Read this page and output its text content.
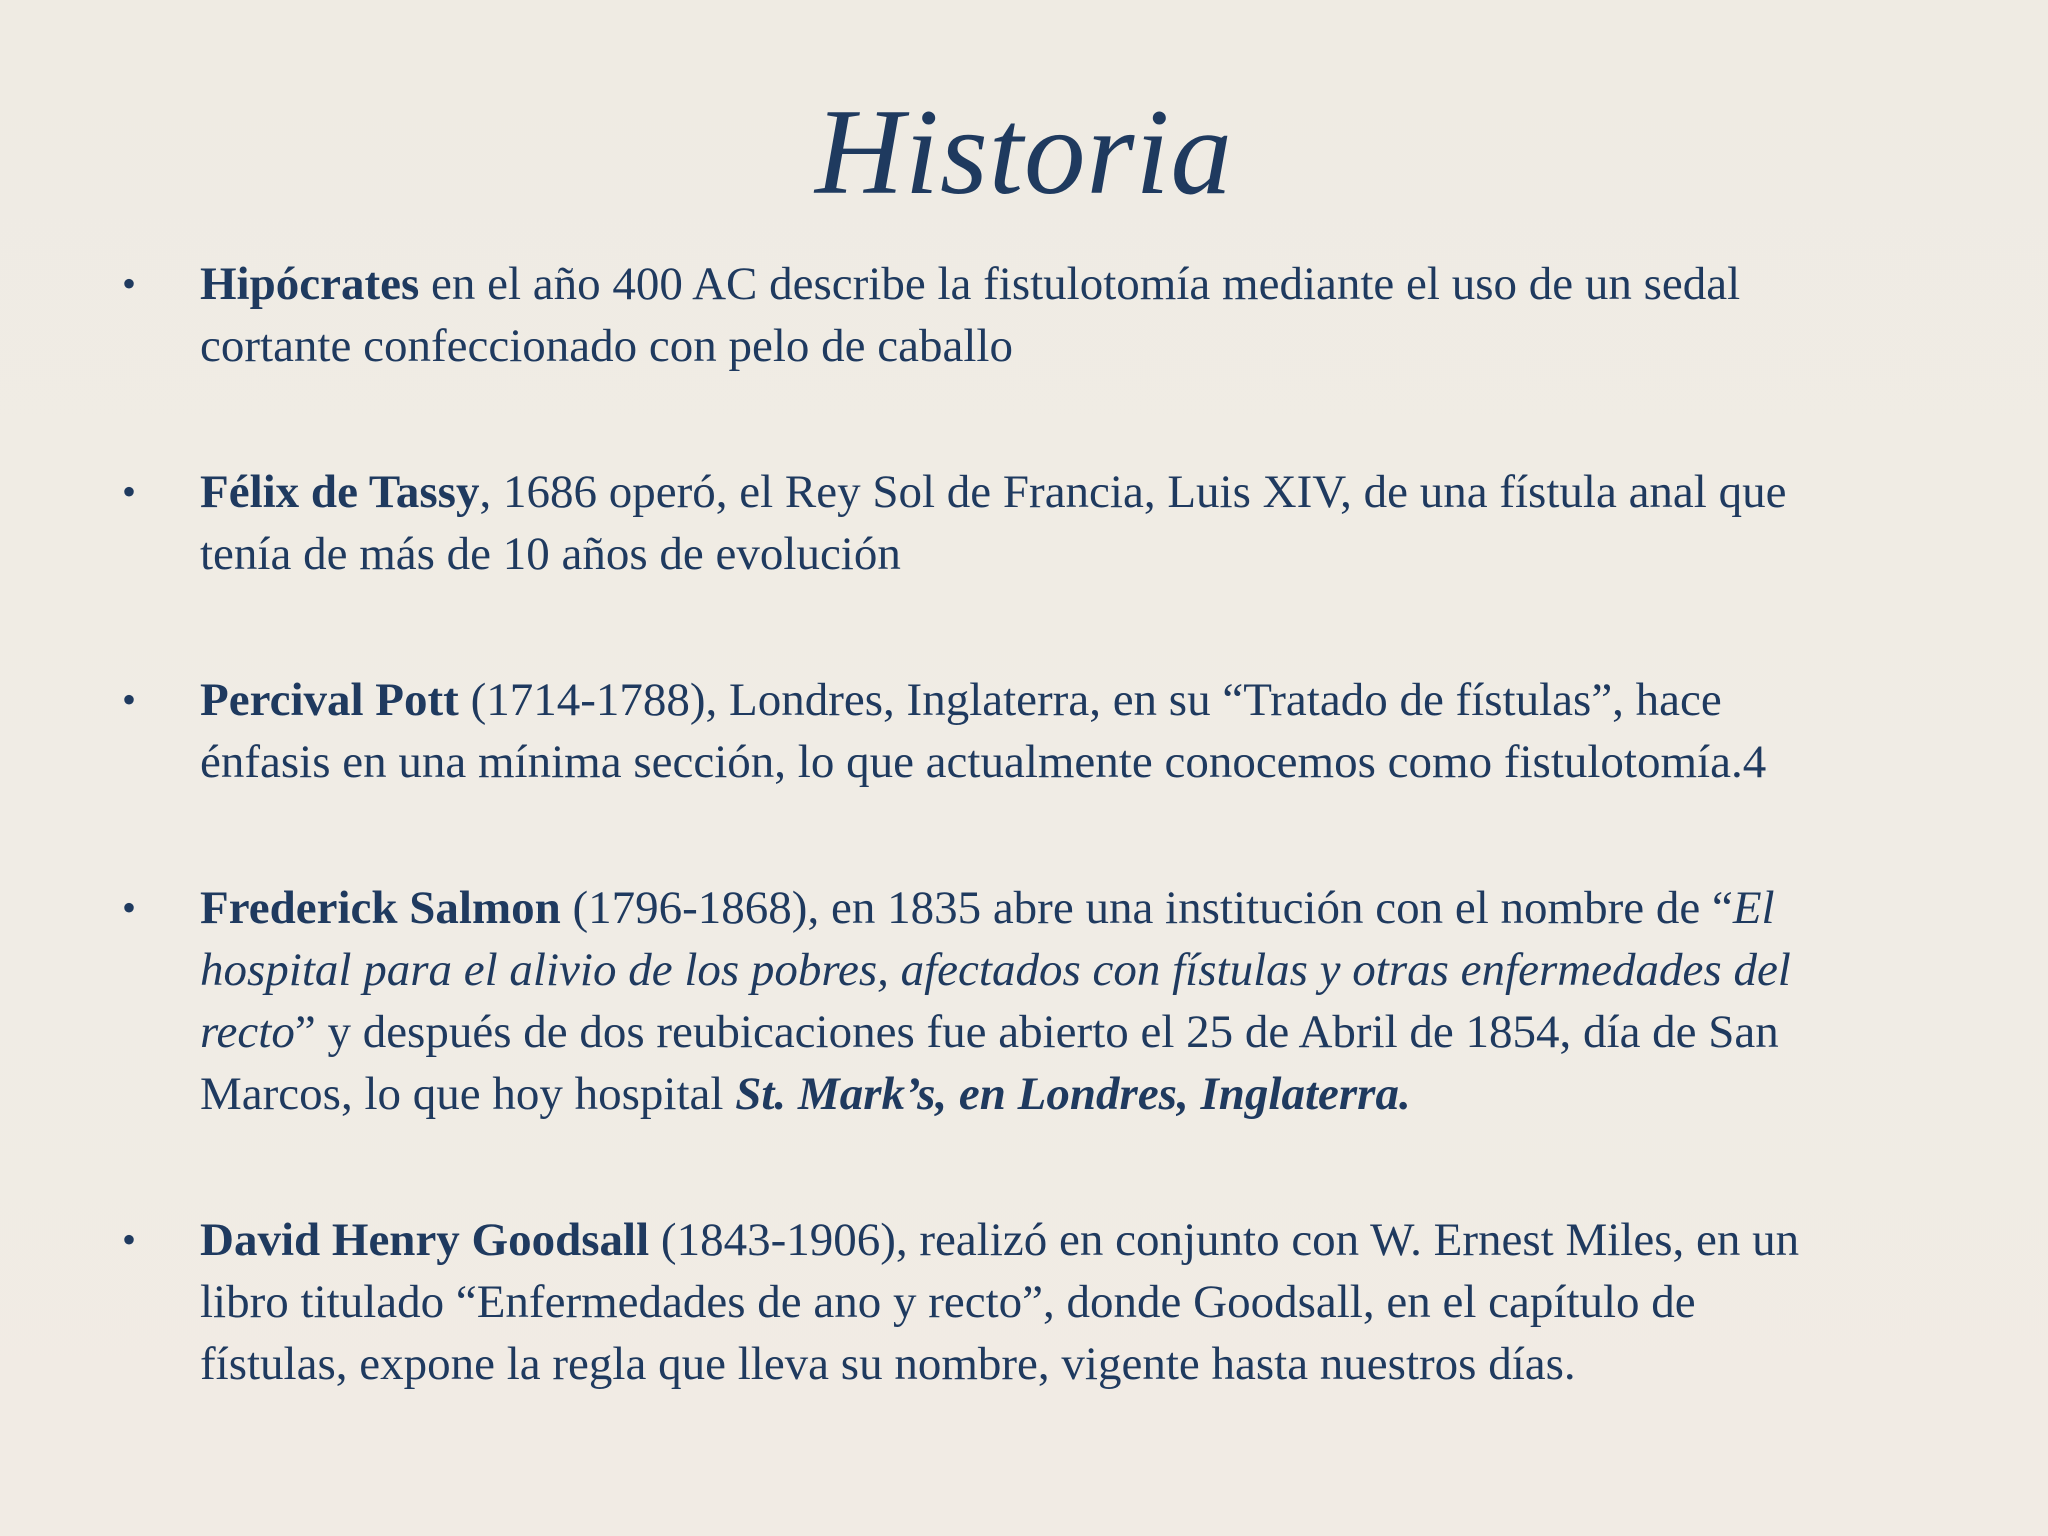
Historia
• Hipócrates en el año 400 AC describe la fistulotomía mediante el uso de un sedal
cortante confeccionado con pelo de caballo
• Félix de Tassy, 1686 operó, el Rey Sol de Francia, Luis XIV, de una fístula anal que
tenía de más de 10 años de evolución
• Percival Pott (1714-1788), Londres, Inglaterra, en su “Tratado de fístulas”, hace
énfasis en una mínima sección, lo que actualmente conocemos como fistulotomía.4
• Frederick Salmon (1796-1868), en 1835 abre una institución con el nombre de “El
hospital para el alivio de los pobres, afectados con fístulas y otras enfermedades del
recto” y después de dos reubicaciones fue abierto el 25 de Abril de 1854, día de San
Marcos, lo que hoy hospital St. Mark’s, en Londres, Inglaterra.
• David Henry Goodsall (1843-1906), realizó en conjunto con W. Ernest Miles, en un
libro titulado “Enfermedades de ano y recto”, donde Goodsall, en el capítulo de
fístulas, expone la regla que lleva su nombre, vigente hasta nuestros días.
